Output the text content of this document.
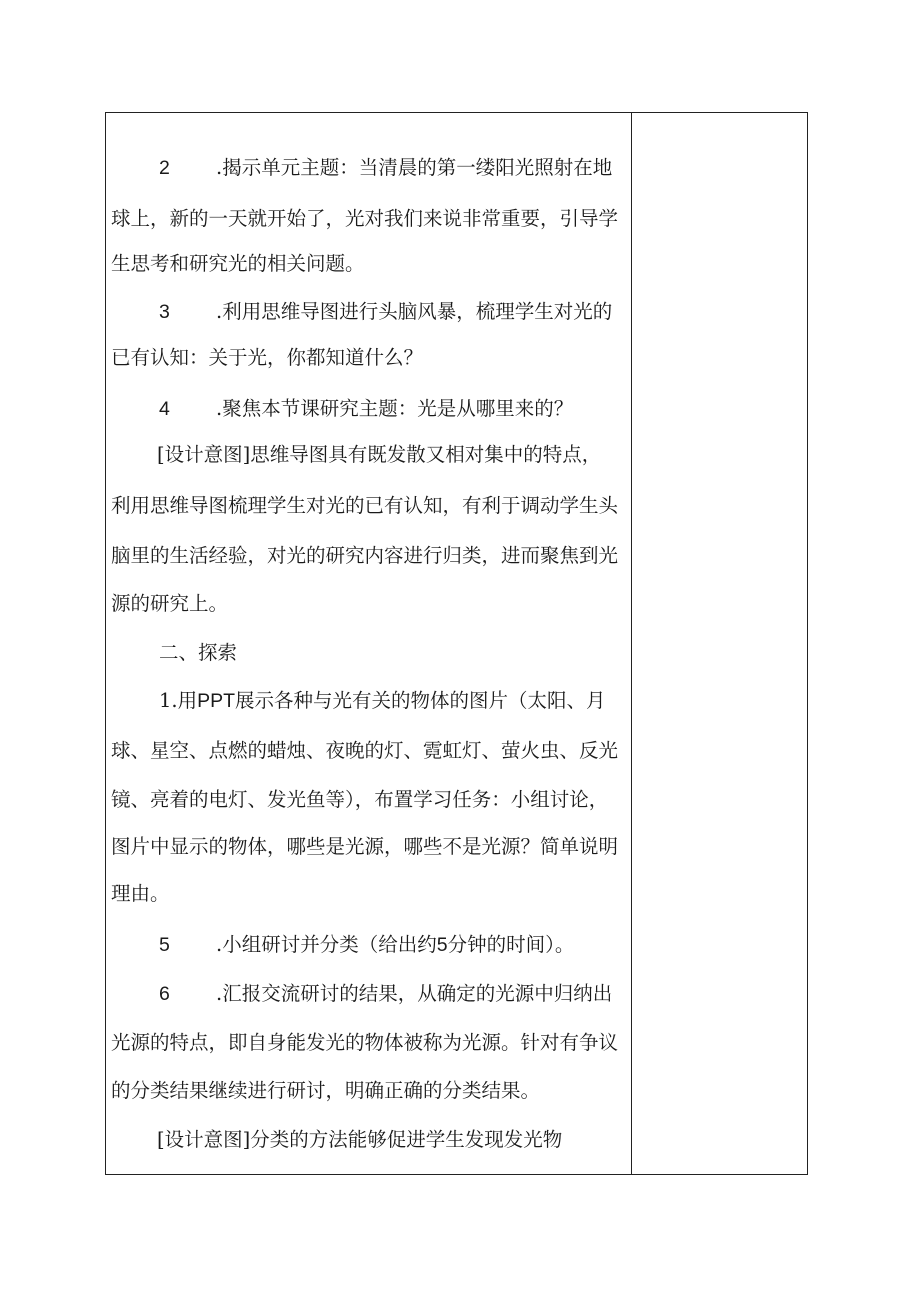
2 .揭示单元主题：当清晨的第一缕阳光照射在地
球上，新的一天就开始了，光对我们来说非常重要，引导学
生思考和研究光的相关问题。
3 .利用思维导图进行头脑风暴，梳理学生对光的
已有认知：关于光，你都知道什么？
4 .聚焦本节课研究主题：光是从哪里来的？
[设计意图]思维导图具有既发散又相对集中的特点，
利用思维导图梳理学生对光的已有认知，有利于调动学生头
脑里的生活经验，对光的研究内容进行归类，进而聚焦到光
源的研究上。
二、探索
1.用PPT展示各种与光有关的物体的图片（太阳、月
球、星空、点燃的蜡烛、夜晚的灯、霓虹灯、萤火虫、反光
镜、亮着的电灯、发光鱼等），布置学习任务：小组讨论，
图片中显示的物体，哪些是光源，哪些不是光源？简单说明
理由。
5 .小组研讨并分类（给出约5分钟的时间）。
6 .汇报交流研讨的结果，从确定的光源中归纳出
光源的特点，即自身能发光的物体被称为光源。针对有争议
的分类结果继续进行研讨，明确正确的分类结果。
[设计意图]分类的方法能够促进学生发现发光物
